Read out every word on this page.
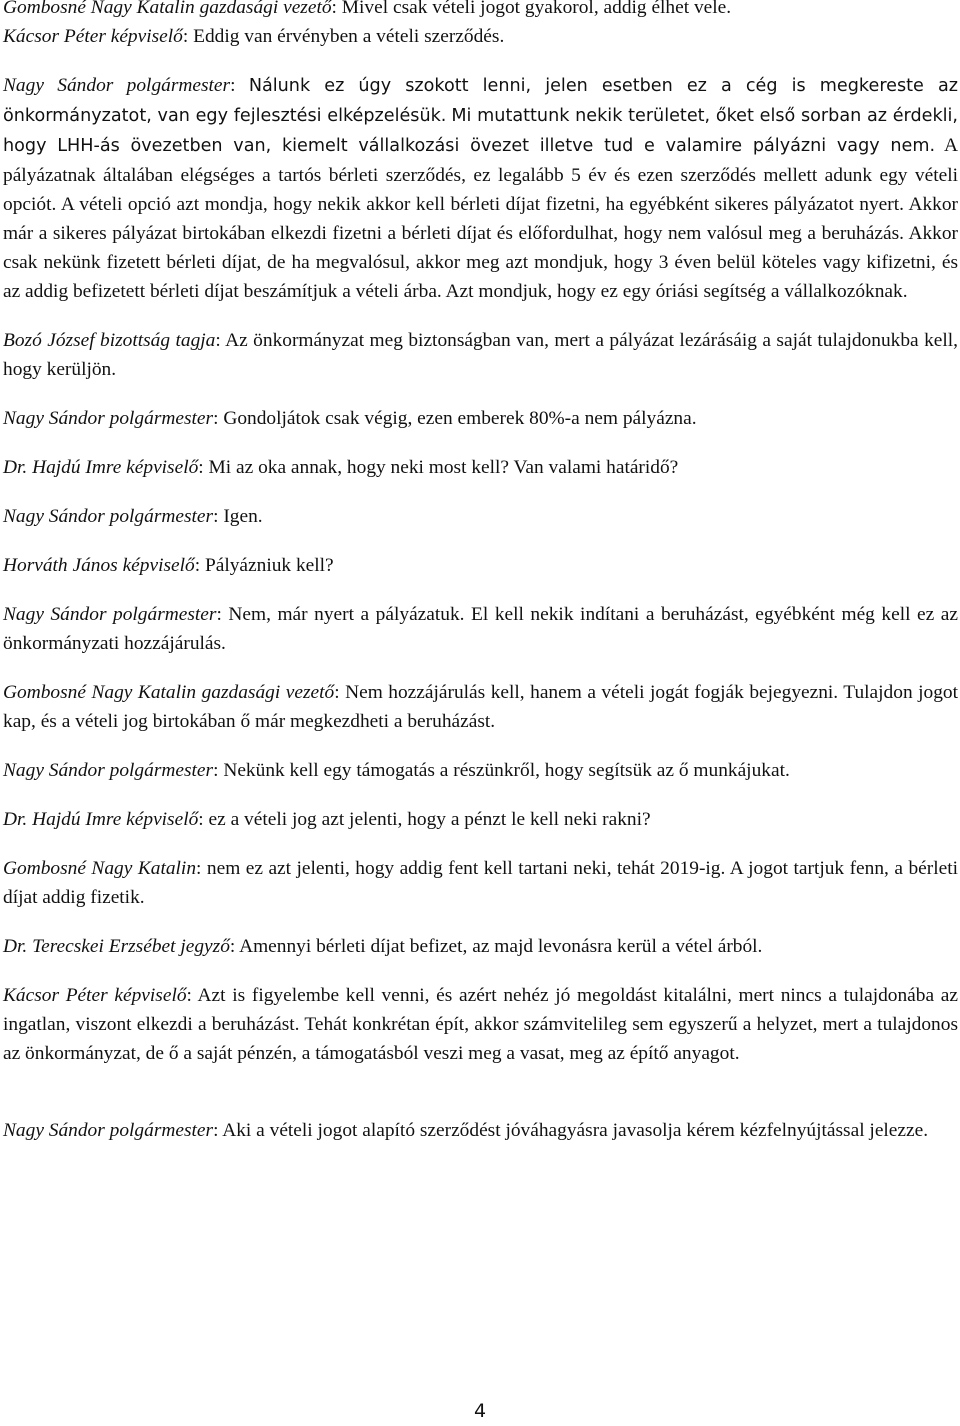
Gombosné Nagy Katalin gazdasági vezető: Mivel csak vételi jogot gyakorol, addig élhet vele.

Kácsor Péter képviselő: Eddig van érvényben a vételi szerződés.

Nagy Sándor polgármester: Nálunk ez úgy szokott lenni, jelen esetben ez a cég is megkereste az önkormányzatot, van egy fejlesztési elképzelésük. Mi mutattunk nekik területet, őket első sorban az érdekli, hogy LHH-ás övezetben van, kiemelt vállalkozási övezet illetve tud e valamire pályázni vagy nem. A pályázatnak általában elégséges a tartós bérleti szerződés, ez legalább 5 év és ezen szerződés mellett adunk egy vételi opciót. A vételi opció azt mondja, hogy nekik akkor kell bérleti díjat fizetni, ha egyébként sikeres pályázatot nyert. Akkor már a sikeres pályázat birtokában elkezdi fizetni a bérleti díjat és előfordulhat, hogy nem valósul meg a beruházás. Akkor csak nekünk fizetett bérleti díjat, de ha megvalósul, akkor meg azt mondjuk, hogy 3 éven belül köteles vagy kifizetni, és az addig befizetett bérleti díjat beszámítjuk a vételi árba. Azt mondjuk, hogy ez egy óriási segítség a vállalkozóknak.

Bozó József bizottság tagja: Az önkormányzat meg biztonságban van, mert a pályázat lezárásáig a saját tulajdonukba kell, hogy kerüljön.

Nagy Sándor polgármester: Gondoljátok csak végig, ezen emberek 80%-a nem pályázna.

Dr. Hajdú Imre képviselő: Mi az oka annak, hogy neki most kell? Van valami határidő?

Nagy Sándor polgármester: Igen.

Horváth János képviselő: Pályázniuk kell?

Nagy Sándor polgármester: Nem, már nyert a pályázatuk. El kell nekik indítani a beruházást, egyébként még kell ez az önkormányzati hozzájárulás.

Gombosné Nagy Katalin gazdasági vezető: Nem hozzájárulás kell, hanem a vételi jogát fogják bejegyezni. Tulajdon jogot kap, és a vételi jog birtokában ő már megkezdheti a beruházást.

Nagy Sándor polgármester: Nekünk kell egy támogatás a részünkről, hogy segítsük az ő munkájukat.

Dr. Hajdú Imre képviselő: ez a vételi jog azt jelenti, hogy a pénzt le kell neki rakni?

Gombosné Nagy Katalin: nem ez azt jelenti, hogy addig fent kell tartani neki, tehát 2019-ig. A jogot tartjuk fenn, a bérleti díjat addig fizetik.

Dr. Terecskei Erzsébet jegyző: Amennyi bérleti díjat befizet, az majd levonásra kerül a vétel árból.

Kácsor Péter képviselő: Azt is figyelembe kell venni, és azért nehéz jó megoldást kitalálni, mert nincs a tulajdonába az ingatlan, viszont elkezdi a beruházást. Tehát konkrétan épít, akkor számvitelileg sem egyszerű a helyzet, mert a tulajdonos az önkormányzat, de ő a saját pénzén, a támogatásból veszi meg a vasat, meg az építő anyagot.

Nagy Sándor polgármester: Aki a vételi jogot alapító szerződést jóváhagyásra javasolja kérem kézfelnyújtással jelezze.

4
